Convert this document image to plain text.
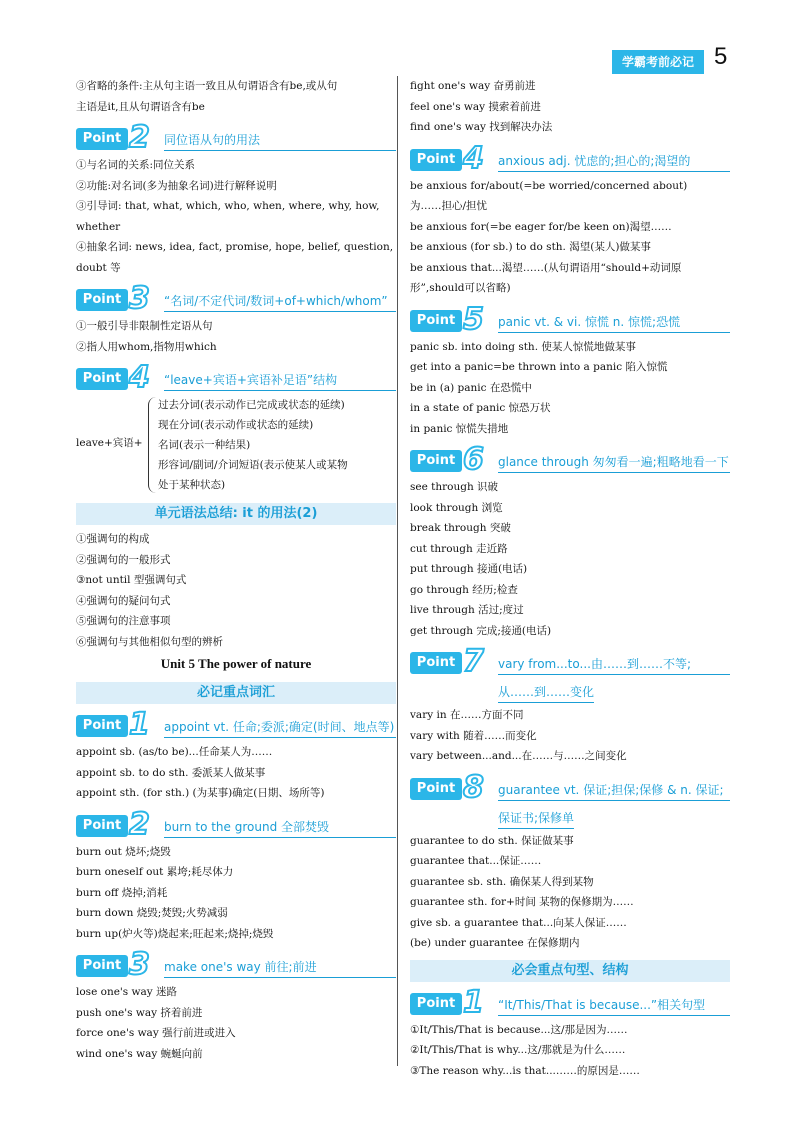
学霸考前必记 5
③省略的条件:主从句主语一致且从句谓语含有be,或从句
主语是it,且从句谓语含有be
Point 2 同位语从句的用法
①与名词的关系:同位关系
②功能:对名词(多为抽象名词)进行解释说明
③引导词: that, what, which, who, when, where, why, how, whether
④抽象名词: news, idea, fact, promise, hope, belief, question, doubt 等
Point 3 “名词/不定代词/数词+of+which/whom”
①一般引导非限制性定语从句
②指人用whom,指物用which
Point 4 “leave+宾语+宾语补足语”结构
leave+宾语+
过去分词(表示动作已完成或状态的延续)
现在分词(表示动作或状态的延续)
名词(表示一种结果)
形容词/副词/介词短语(表示使某人或某物
处于某种状态)
单元语法总结: it 的用法(2)
①强调句的构成
②强调句的一般形式
③not until 型强调句式
④强调句的疑问句式
⑤强调句的注意事项
⑥强调句与其他相似句型的辨析
Unit 5 The power of nature
必记重点词汇
Point 1 appoint vt. 任命;委派;确定(时间、地点等)
appoint sb. (as/to be)...任命某人为……
appoint sb. to do sth. 委派某人做某事
appoint sth. (for sth.) (为某事)确定(日期、场所等)
Point 2 burn to the ground 全部焚毁
burn out 烧坏;烧毁
burn oneself out 累垮;耗尽体力
burn off 烧掉;消耗
burn down 烧毁;焚毁;火势减弱
burn up(炉火等)烧起来;旺起来;烧掉;烧毁
Point 3 make one's way 前往;前进
lose one's way 迷路
push one's way 挤着前进
force one's way 强行前进或进入
wind one's way 蜿蜒向前
fight one's way 奋勇前进
feel one's way 摸索着前进
find one's way 找到解决办法
Point 4 anxious adj. 忧虑的;担心的;渴望的
be anxious for/about(=be worried/concerned about)
为……担心/担忧
be anxious for(=be eager for/be keen on)渴望……
be anxious (for sb.) to do sth. 渴望(某人)做某事
be anxious that...渴望……(从句谓语用“should+动词原
形”,should可以省略)
Point 5 panic vt. & vi. 惊慌 n. 惊慌;恐慌
panic sb. into doing sth. 使某人惊慌地做某事
get into a panic=be thrown into a panic 陷入惊慌
be in (a) panic 在恐慌中
in a state of panic 惊恐万状
in panic 惊慌失措地
Point 6 glance through 匆匆看一遍;粗略地看一下
see through 识破
look through 浏览
break through 突破
cut through 走近路
put through 接通(电话)
go through 经历;检查
live through 活过;度过
get through 完成;接通(电话)
Point 7 vary from...to...由……到……不等;
从……到……变化
vary in 在……方面不同
vary with 随着……而变化
vary between...and...在……与……之间变化
Point 8 guarantee vt. 保证;担保;保修 & n. 保证;
保证书;保修单
guarantee to do sth. 保证做某事
guarantee that...保证……
guarantee sb. sth. 确保某人得到某物
guarantee sth. for+时间 某物的保修期为……
give sb. a guarantee that...向某人保证……
(be) under guarantee 在保修期内
必会重点句型、结构
Point 1 “It/This/That is because...”相关句型
①It/This/That is because...这/那是因为……
②It/This/That is why...这/那就是为什么……
③The reason why...is that...……的原因是……
